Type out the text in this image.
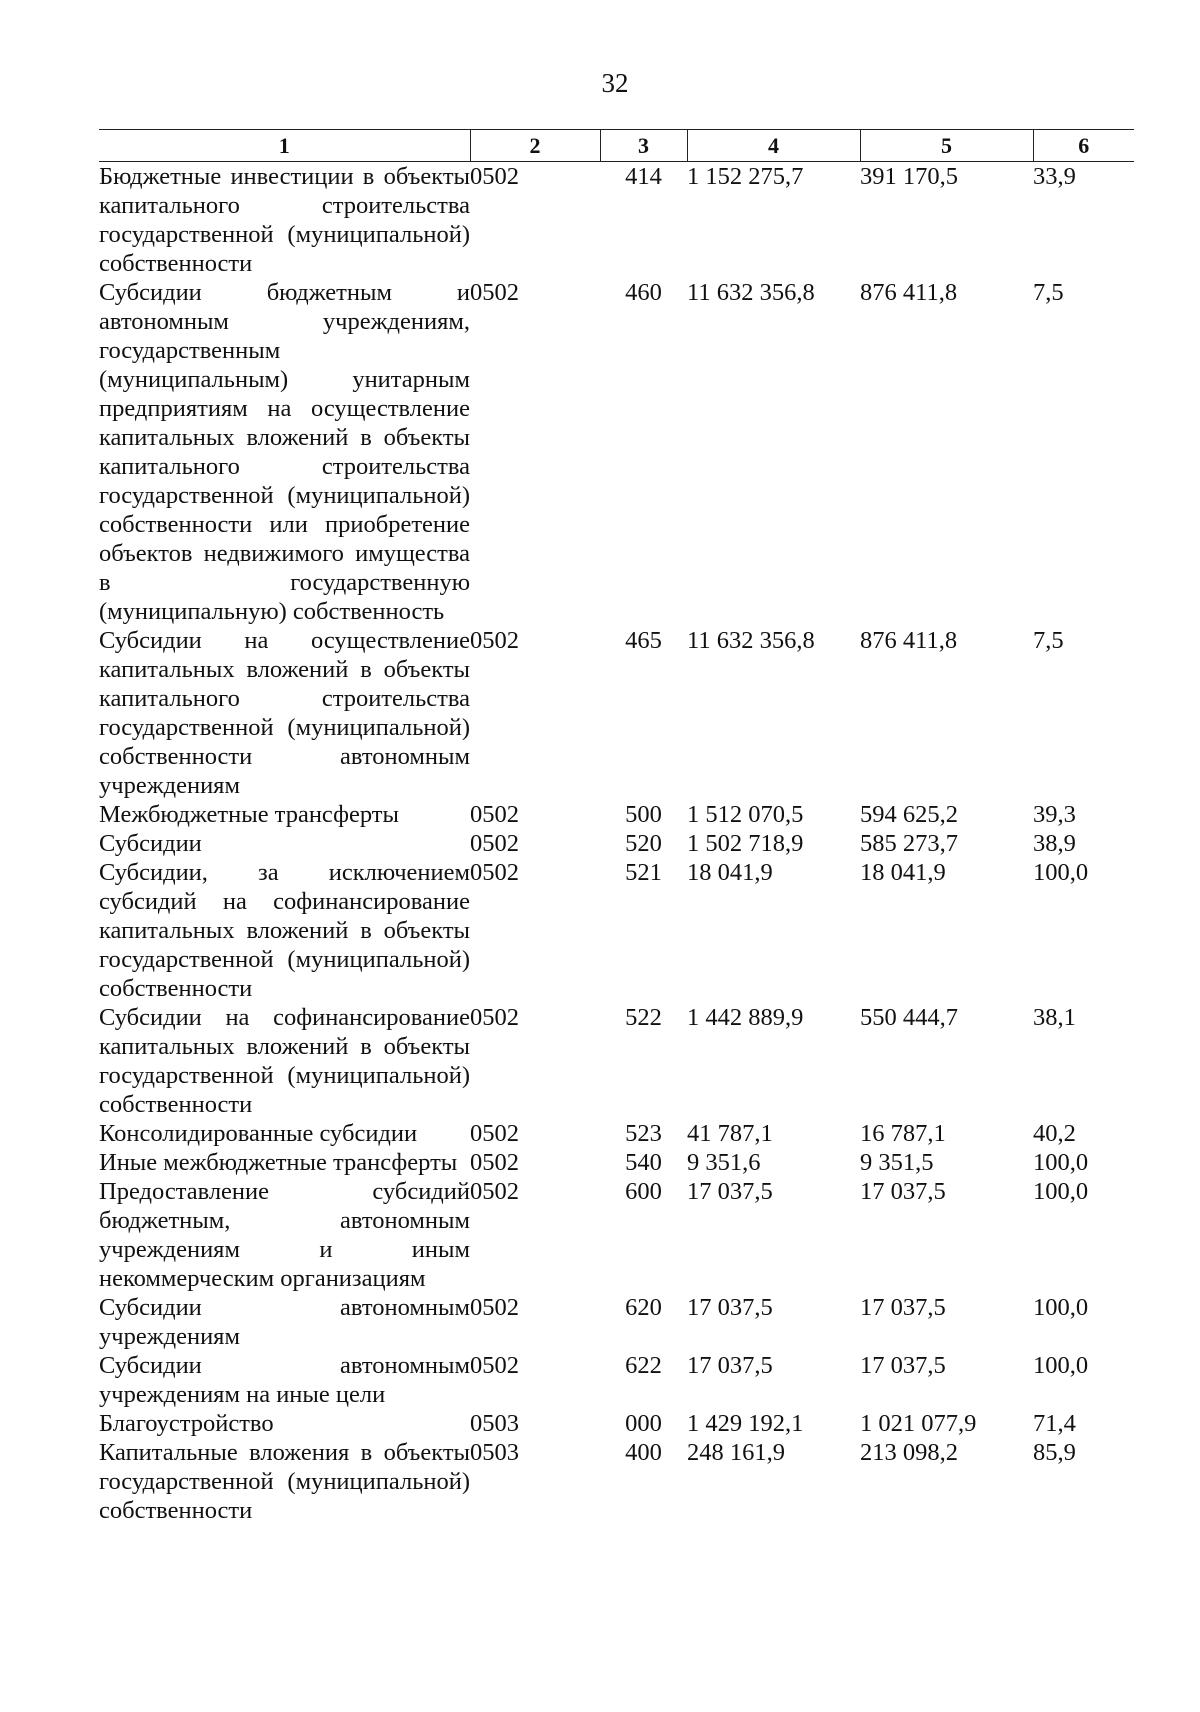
32
1	2	3	4	5	6
Бюджетные инвестиции в объекты капитального строительства государственной (муниципальной) собственности	0502	414	1 152 275,7	391 170,5	33,9
Субсидии бюджетным и автономным учреждениям, государственным (муниципальным) унитарным предприятиям на осуществление капитальных вложений в объекты капитального строительства государственной (муниципальной) собственности или приобретение объектов недвижимого имущества в государственную (муниципальную) собственность	0502	460	11 632 356,8	876 411,8	7,5
Субсидии на осуществление капитальных вложений в объекты капитального строительства государственной (муниципальной) собственности автономным учреждениям	0502	465	11 632 356,8	876 411,8	7,5
Межбюджетные трансферты	0502	500	1 512 070,5	594 625,2	39,3
Субсидии	0502	520	1 502 718,9	585 273,7	38,9
Субсидии, за исключением субсидий на софинансирование капитальных вложений в объекты государственной (муниципальной) собственности	0502	521	18 041,9	18 041,9	100,0
Субсидии на софинансирование капитальных вложений в объекты государственной (муниципальной) собственности	0502	522	1 442 889,9	550 444,7	38,1
Консолидированные субсидии	0502	523	41 787,1	16 787,1	40,2
Иные межбюджетные трансферты	0502	540	9 351,6	9 351,5	100,0
Предоставление субсидий бюджетным, автономным учреждениям и иным некоммерческим организациям	0502	600	17 037,5	17 037,5	100,0
Субсидии автономным учреждениям	0502	620	17 037,5	17 037,5	100,0
Субсидии автономным учреждениям на иные цели	0502	622	17 037,5	17 037,5	100,0
Благоустройство	0503	000	1 429 192,1	1 021 077,9	71,4
Капитальные вложения в объекты государственной (муниципальной) собственности	0503	400	248 161,9	213 098,2	85,9
